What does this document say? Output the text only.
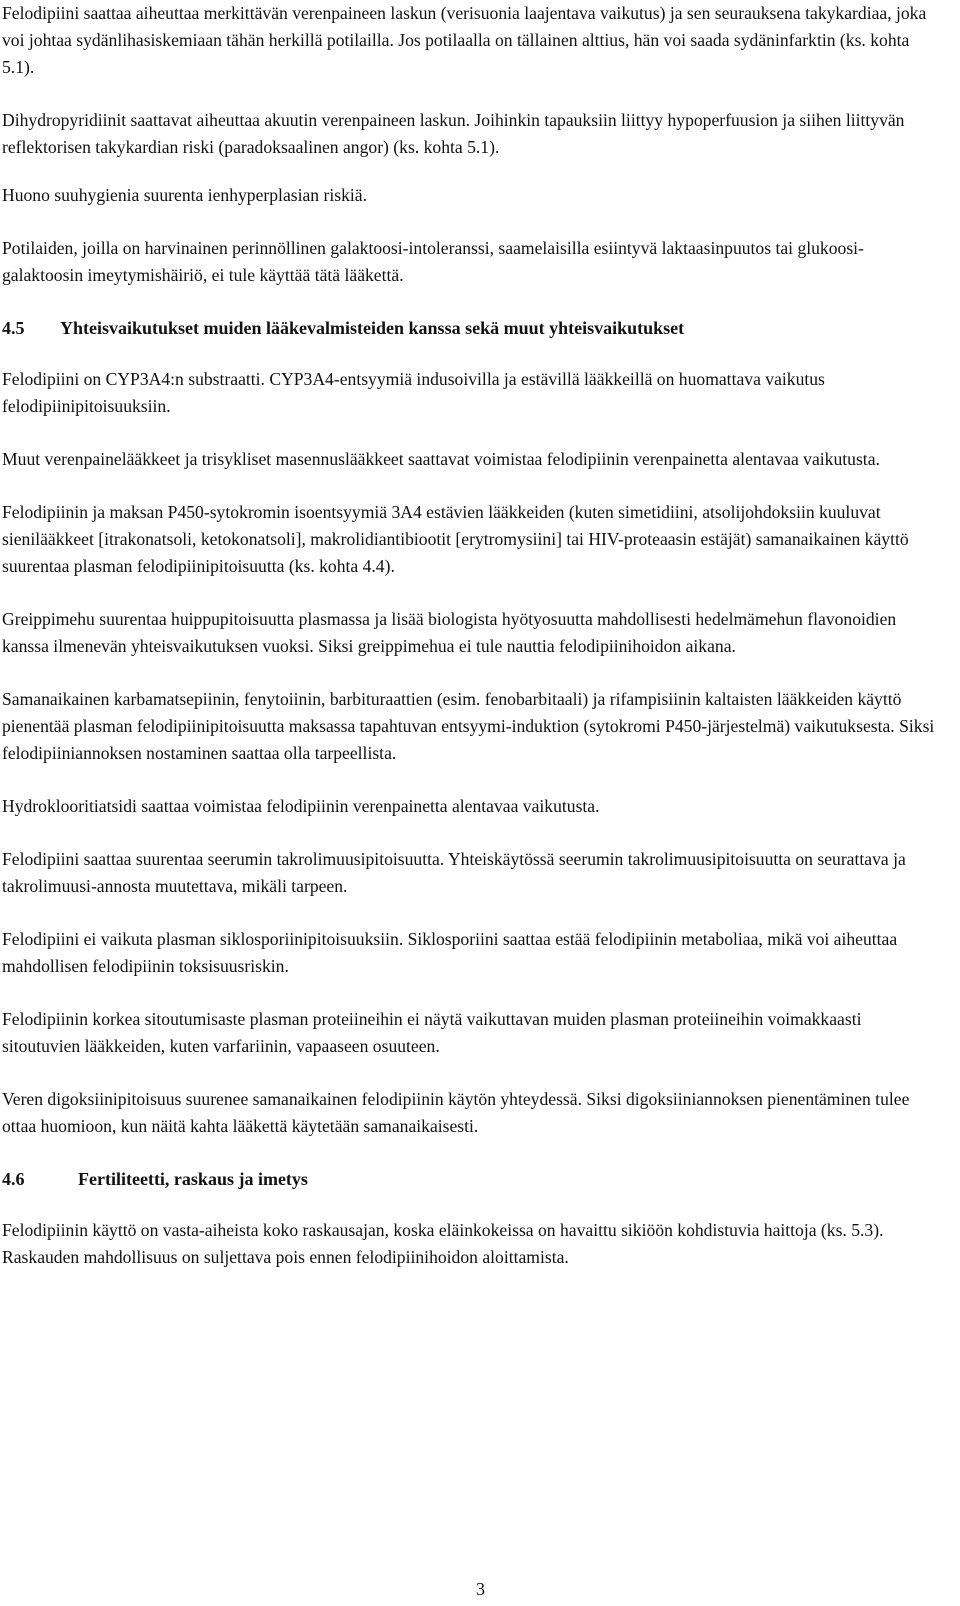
Felodipiini saattaa aiheuttaa merkittävän verenpaineen laskun (verisuonia laajentava vaikutus) ja sen seurauksena takykardiaa, joka voi johtaa sydänlihasiskemiaan tähän herkillä potilailla. Jos potilaalla on tällainen alttius, hän voi saada sydäninfarktin (ks. kohta 5.1).

Dihydropyridiinit saattavat aiheuttaa akuutin verenpaineen laskun. Joihinkin tapauksiin liittyy hypoperfuusion ja siihen liittyvän reflektorisen takykardian riski (paradoksaalinen angor) (ks. kohta 5.1).

Huono suuhygienia suurenta ienhyperplasian riskiä.

Potilaiden, joilla on harvinainen perinnöllinen galaktoosi-intoleranssi, saamelaisilla esiintyvä laktaasinpuutos tai glukoosi-galaktoosin imeytymishäiriö, ei tule käyttää tätä lääkettä.

4.5 Yhteisvaikutukset muiden lääkevalmisteiden kanssa sekä muut yhteisvaikutukset

Felodipiini on CYP3A4:n substraatti. CYP3A4-entsyymiä indusoivilla ja estävillä lääkkeillä on huomattava vaikutus felodipiinipitoisuuksiin.

Muut verenpainelääkkeet ja trisykliset masennuslääkkeet saattavat voimistaa felodipiinin verenpainetta alentavaa vaikutusta.

Felodipiinin ja maksan P450-sytokromin isoentsyymiä 3A4 estävien lääkkeiden (kuten simetidiini, atsolijohdoksiin kuuluvat sienilääkkeet [itrakonatsoli, ketokonatsoli], makrolidiantibiootit [erytromysiini] tai HIV-proteaasin estäjät) samanaikainen käyttö suurentaa plasman felodipiinipitoisuutta (ks. kohta 4.4).

Greippimehu suurentaa huippupitoisuutta plasmassa ja lisää biologista hyötyosuutta mahdollisesti hedelmämehun flavonoidien kanssa ilmenevän yhteisvaikutuksen vuoksi. Siksi greippimehua ei tule nauttia felodipiinihoidon aikana.

Samanaikainen karbamatsepiinin, fenytoiinin, barbituraattien (esim. fenobarbitaali) ja rifampisiinin kaltaisten lääkkeiden käyttö pienentää plasman felodipiinipitoisuutta maksassa tapahtuvan entsyymi-induktion (sytokromi P450-järjestelmä) vaikutuksesta. Siksi felodipiiniannoksen nostaminen saattaa olla tarpeellista.

Hydroklooritiatsidi saattaa voimistaa felodipiinin verenpainetta alentavaa vaikutusta.

Felodipiini saattaa suurentaa seerumin takrolimuusipitoisuutta. Yhteiskäytössä seerumin takrolimuusipitoisuutta on seurattava ja takrolimuusi-annosta muutettava, mikäli tarpeen.

Felodipiini ei vaikuta plasman siklosporiinipitoisuuksiin. Siklosporiini saattaa estää felodipiinin metaboliaa, mikä voi aiheuttaa mahdollisen felodipiinin toksisuusriskin.

Felodipiinin korkea sitoutumisaste plasman proteiineihin ei näytä vaikuttavan muiden plasman proteiineihin voimakkaasti sitoutuvien lääkkeiden, kuten varfariinin, vapaaseen osuuteen.

Veren digoksiinipitoisuus suurenee samanaikainen felodipiinin käytön yhteydessä. Siksi digoksiiniannoksen pienentäminen tulee ottaa huomioon, kun näitä kahta lääkettä käytetään samanaikaisesti.

4.6	Fertiliteetti, raskaus ja imetys

Felodipiinin käyttö on vasta-aiheista koko raskausajan, koska eläinkokeissa on havaittu sikiöön kohdistuvia haittoja (ks. 5.3). Raskauden mahdollisuus on suljettava pois ennen felodipiinihoidon aloittamista.

3
